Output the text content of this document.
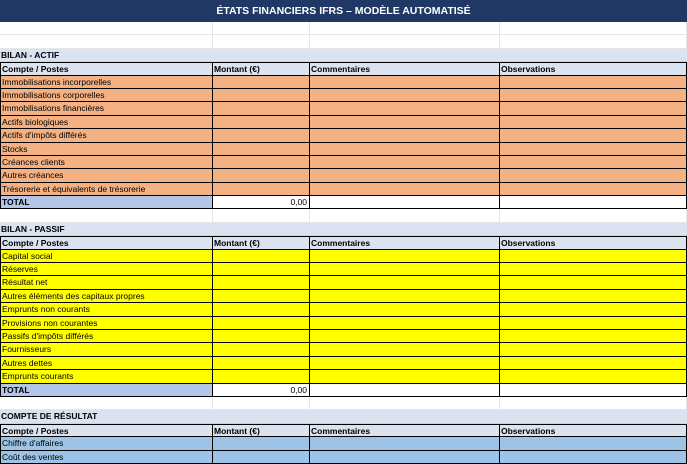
ÉTATS FINANCIERS IFRS – MODÈLE AUTOMATISÉ
BILAN - ACTIF
Compte / Postes	Montant (€)	Commentaires	Observations
Immobilisations incorporelles
Immobilisations corporelles
Immobilisations financières
Actifs biologiques
Actifs d'impôts différés
Stocks
Créances clients
Autres créances
Trésorerie et équivalents de trésorerie
TOTAL	0,00
BILAN - PASSIF
Compte / Postes	Montant (€)	Commentaires	Observations
Capital social
Réserves
Résultat net
Autres éléments des capitaux propres
Emprunts non courants
Provisions non courantes
Passifs d'impôts différés
Fournisseurs
Autres dettes
Emprunts courants
TOTAL	0,00
COMPTE DE RÉSULTAT
Compte / Postes	Montant (€)	Commentaires	Observations
Chiffre d'affaires
Coût des ventes
